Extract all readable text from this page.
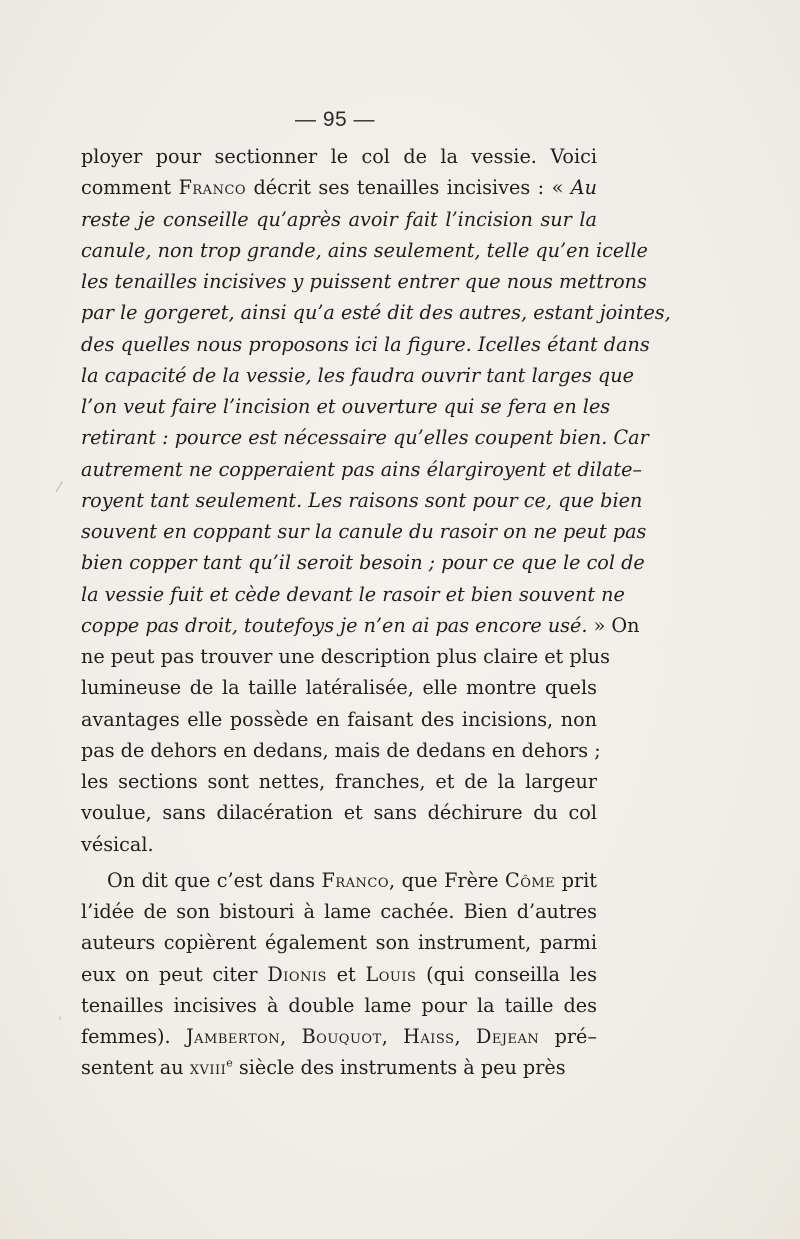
— 95 —
ployer pour sectionner le col de la vessie. Voici
comment Franco décrit ses tenailles incisives : « Au
reste je conseille qu’après avoir fait l’incision sur la
canule, non trop grande, ains seulement, telle qu’en icelle
les tenailles incisives y puissent entrer que nous mettrons
par le gorgeret, ainsi qu’a esté dit des autres, estant jointes,
des quelles nous proposons ici la figure. Icelles étant dans
la capacité de la vessie, les faudra ouvrir tant larges que
l’on veut faire l’incision et ouverture qui se fera en les
retirant : pource est nécessaire qu’elles coupent bien. Car
autrement ne copperaient pas ains élargiroyent et dilate–
royent tant seulement. Les raisons sont pour ce, que bien
souvent en coppant sur la canule du rasoir on ne peut pas
bien copper tant qu’il seroit besoin ; pour ce que le col de
la vessie fuit et cède devant le rasoir et bien souvent ne
coppe pas droit, toutefoys je n’en ai pas encore usé. » On
ne peut pas trouver une description plus claire et plus
lumineuse de la taille latéralisée, elle montre quels
avantages elle possède en faisant des incisions, non
pas de dehors en dedans, mais de dedans en dehors ;
les sections sont nettes, franches, et de la largeur
voulue, sans dilacération et sans déchirure du col
vésical.
On dit que c’est dans Franco, que Frère Côme prit
l’idée de son bistouri à lame cachée. Bien d’autres
auteurs copièrent également son instrument, parmi
eux on peut citer Dionis et Louis (qui conseilla les
tenailles incisives à double lame pour la taille des
femmes). Jamberton, Bouquot, Haiss, Dejean pré–
sentent au xviii$^e$ siècle des instruments à peu près
⁄
ˈ
